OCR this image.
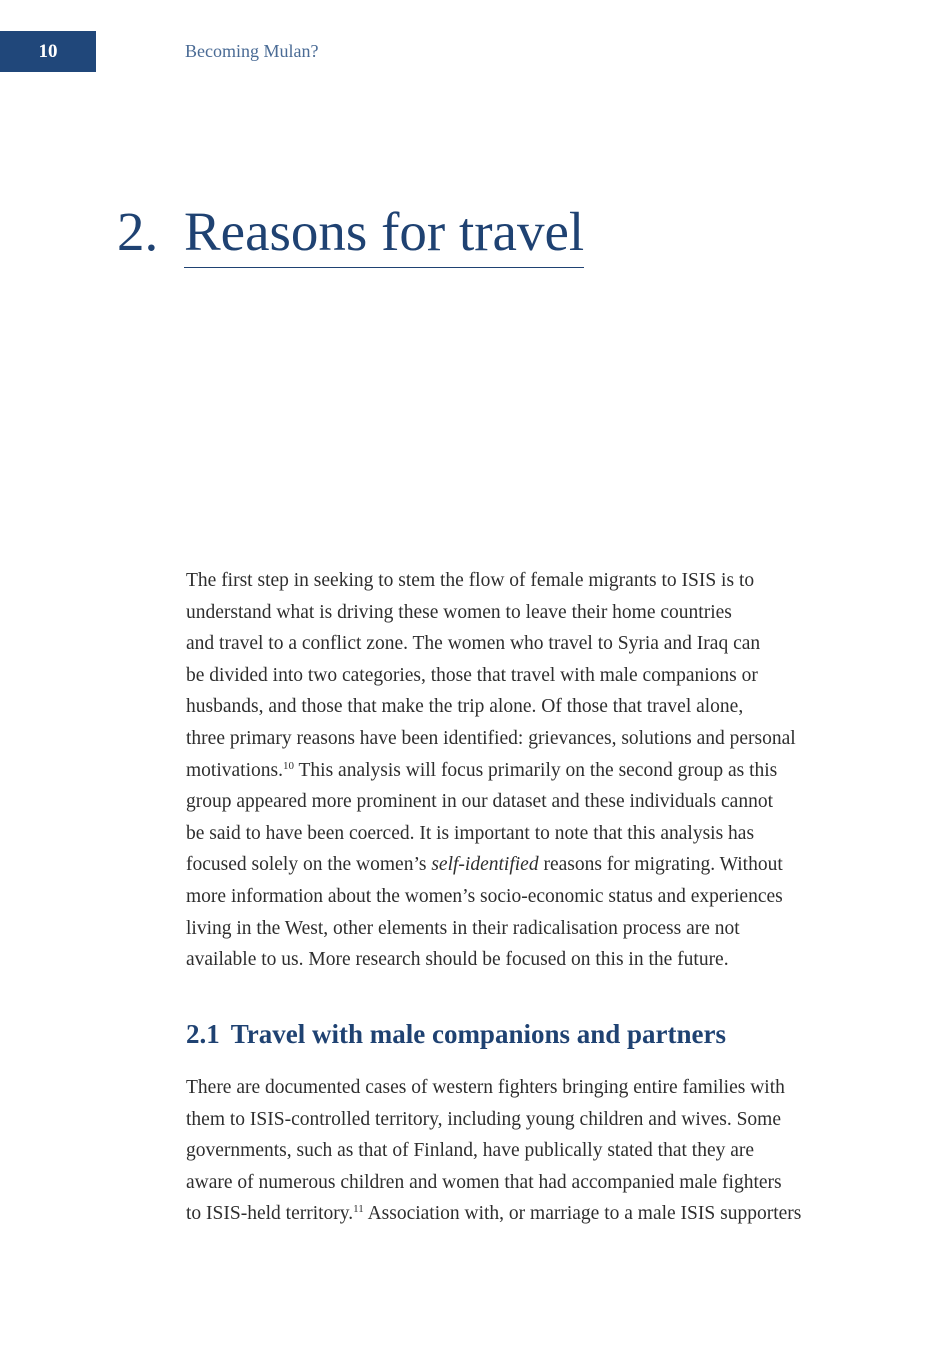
10	Becoming Mulan?
2. Reasons for travel
The first step in seeking to stem the flow of female migrants to ISIS is to
understand what is driving these women to leave their home countries
and travel to a conflict zone. The women who travel to Syria and Iraq can
be divided into two categories, those that travel with male companions or
husbands, and those that make the trip alone. Of those that travel alone,
three primary reasons have been identified: grievances, solutions and personal
motivations.$^{10}$ This analysis will focus primarily on the second group as this
group appeared more prominent in our dataset and these individuals cannot
be said to have been coerced. It is important to note that this analysis has
focused solely on the women’s self-identified reasons for migrating. Without
more information about the women’s socio-economic status and experiences
living in the West, other elements in their radicalisation process are not
available to us. More research should be focused on this in the future.
2.1 Travel with male companions and partners
There are documented cases of western fighters bringing entire families with
them to ISIS-controlled territory, including young children and wives. Some
governments, such as that of Finland, have publically stated that they are
aware of numerous children and women that had accompanied male fighters
to ISIS-held territory.$^{11}$ Association with, or marriage to a male ISIS supporters
